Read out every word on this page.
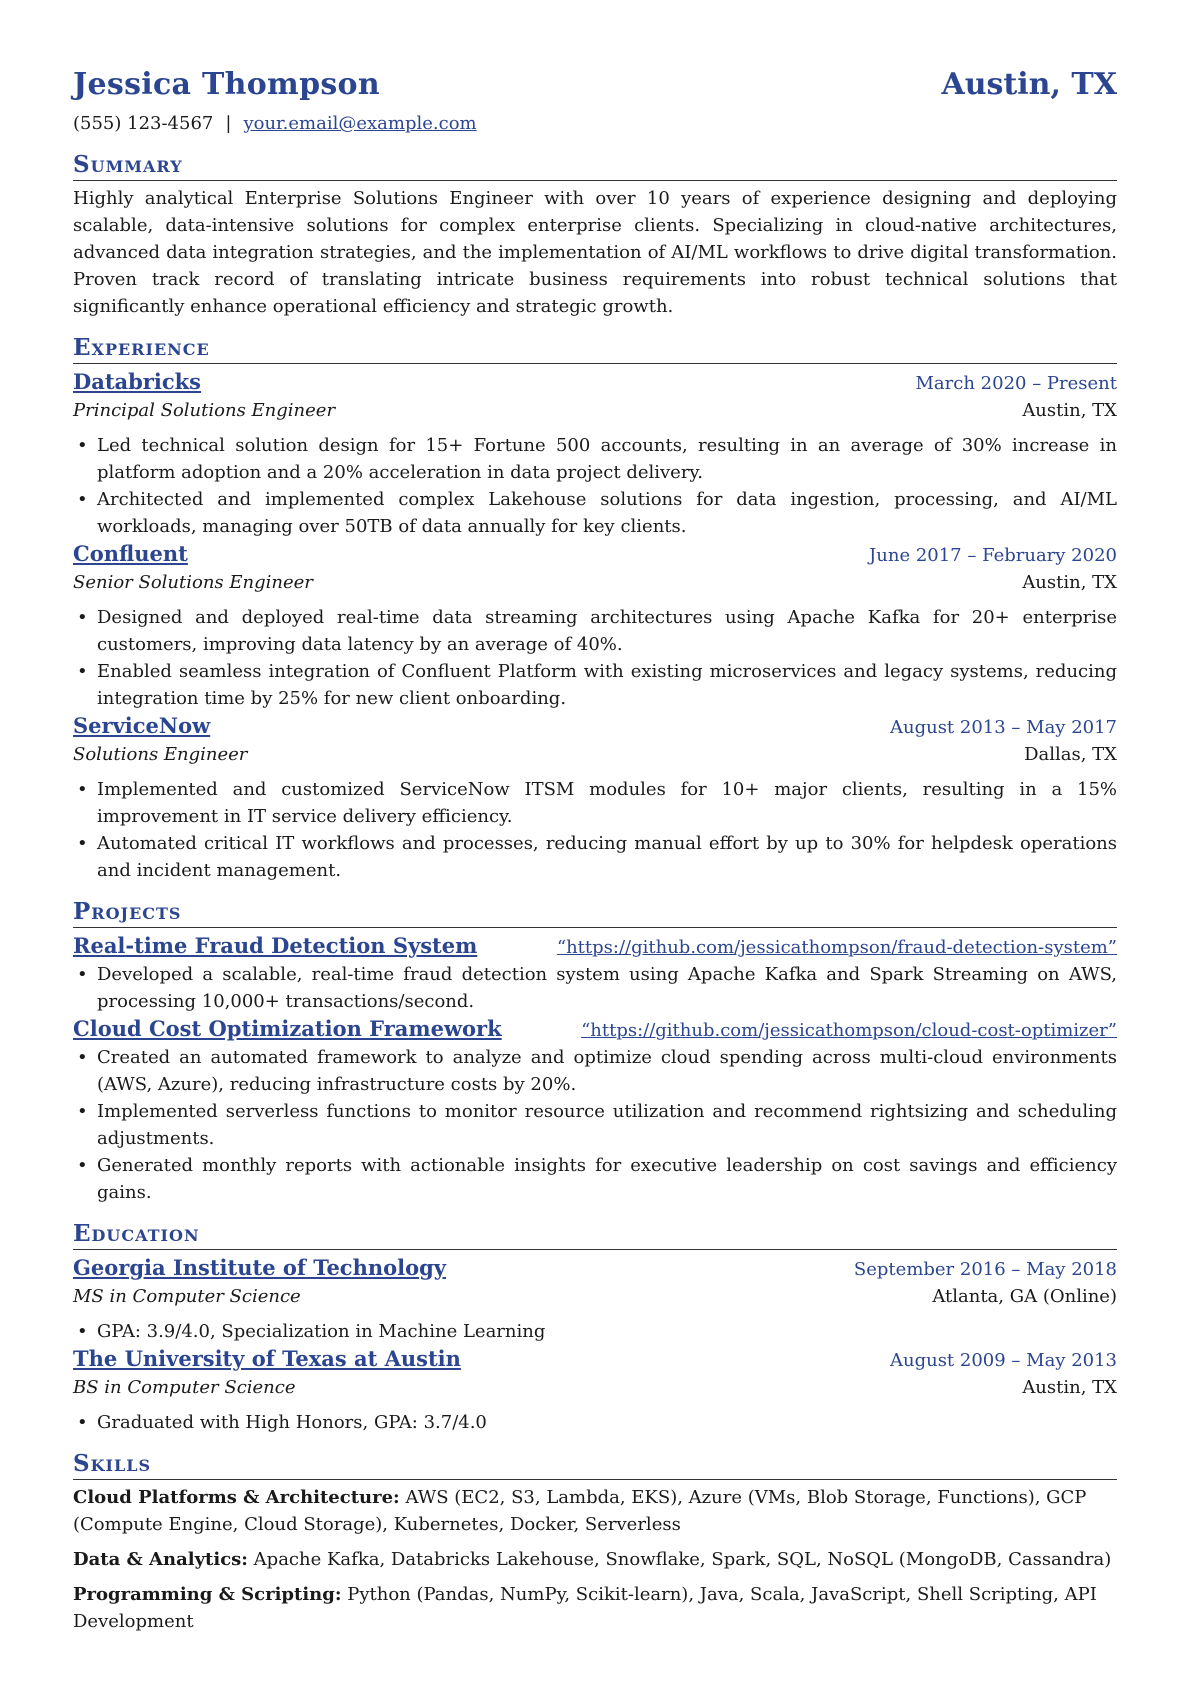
Jessica Thompson	Austin, TX
(555) 123-4567 | your.email@example.com
Summary
Highly analytical Enterprise Solutions Engineer with over 10 years of experience designing and deploying scalable, data-intensive solutions for complex enterprise clients. Specializing in cloud-native architectures, advanced data integration strategies, and the implementation of AI/ML workflows to drive digital transformation. Proven track record of translating intricate business requirements into robust technical solutions that significantly enhance operational efficiency and strategic growth.
Experience
Databricks	March 2020 – Present
Principal Solutions Engineer	Austin, TX
• Led technical solution design for 15+ Fortune 500 accounts, resulting in an average of 30% increase in platform adoption and a 20% acceleration in data project delivery.
• Architected and implemented complex Lakehouse solutions for data ingestion, processing, and AI/ML workloads, managing over 50TB of data annually for key clients.
Confluent	June 2017 – February 2020
Senior Solutions Engineer	Austin, TX
• Designed and deployed real-time data streaming architectures using Apache Kafka for 20+ enterprise customers, improving data latency by an average of 40%.
• Enabled seamless integration of Confluent Platform with existing microservices and legacy systems, reducing integration time by 25% for new client onboarding.
ServiceNow	August 2013 – May 2017
Solutions Engineer	Dallas, TX
• Implemented and customized ServiceNow ITSM modules for 10+ major clients, resulting in a 15% improvement in IT service delivery efficiency.
• Automated critical IT workflows and processes, reducing manual effort by up to 30% for helpdesk operations and incident management.
Projects
Real-time Fraud Detection System	“https://github.com/jessicathompson/fraud-detection-system”
• Developed a scalable, real-time fraud detection system using Apache Kafka and Spark Streaming on AWS, processing 10,000+ transactions/second.
Cloud Cost Optimization Framework	“https://github.com/jessicathompson/cloud-cost-optimizer”
• Created an automated framework to analyze and optimize cloud spending across multi-cloud environments (AWS, Azure), reducing infrastructure costs by 20%.
• Implemented serverless functions to monitor resource utilization and recommend rightsizing and scheduling adjustments.
• Generated monthly reports with actionable insights for executive leadership on cost savings and efficiency gains.
Education
Georgia Institute of Technology	September 2016 – May 2018
MS in Computer Science	Atlanta, GA (Online)
• GPA: 3.9/4.0, Specialization in Machine Learning
The University of Texas at Austin	August 2009 – May 2013
BS in Computer Science	Austin, TX
• Graduated with High Honors, GPA: 3.7/4.0
Skills
Cloud Platforms & Architecture: AWS (EC2, S3, Lambda, EKS), Azure (VMs, Blob Storage, Functions), GCP (Compute Engine, Cloud Storage), Kubernetes, Docker, Serverless
Data & Analytics: Apache Kafka, Databricks Lakehouse, Snowflake, Spark, SQL, NoSQL (MongoDB, Cassandra)
Programming & Scripting: Python (Pandas, NumPy, Scikit-learn), Java, Scala, JavaScript, Shell Scripting, API Development
